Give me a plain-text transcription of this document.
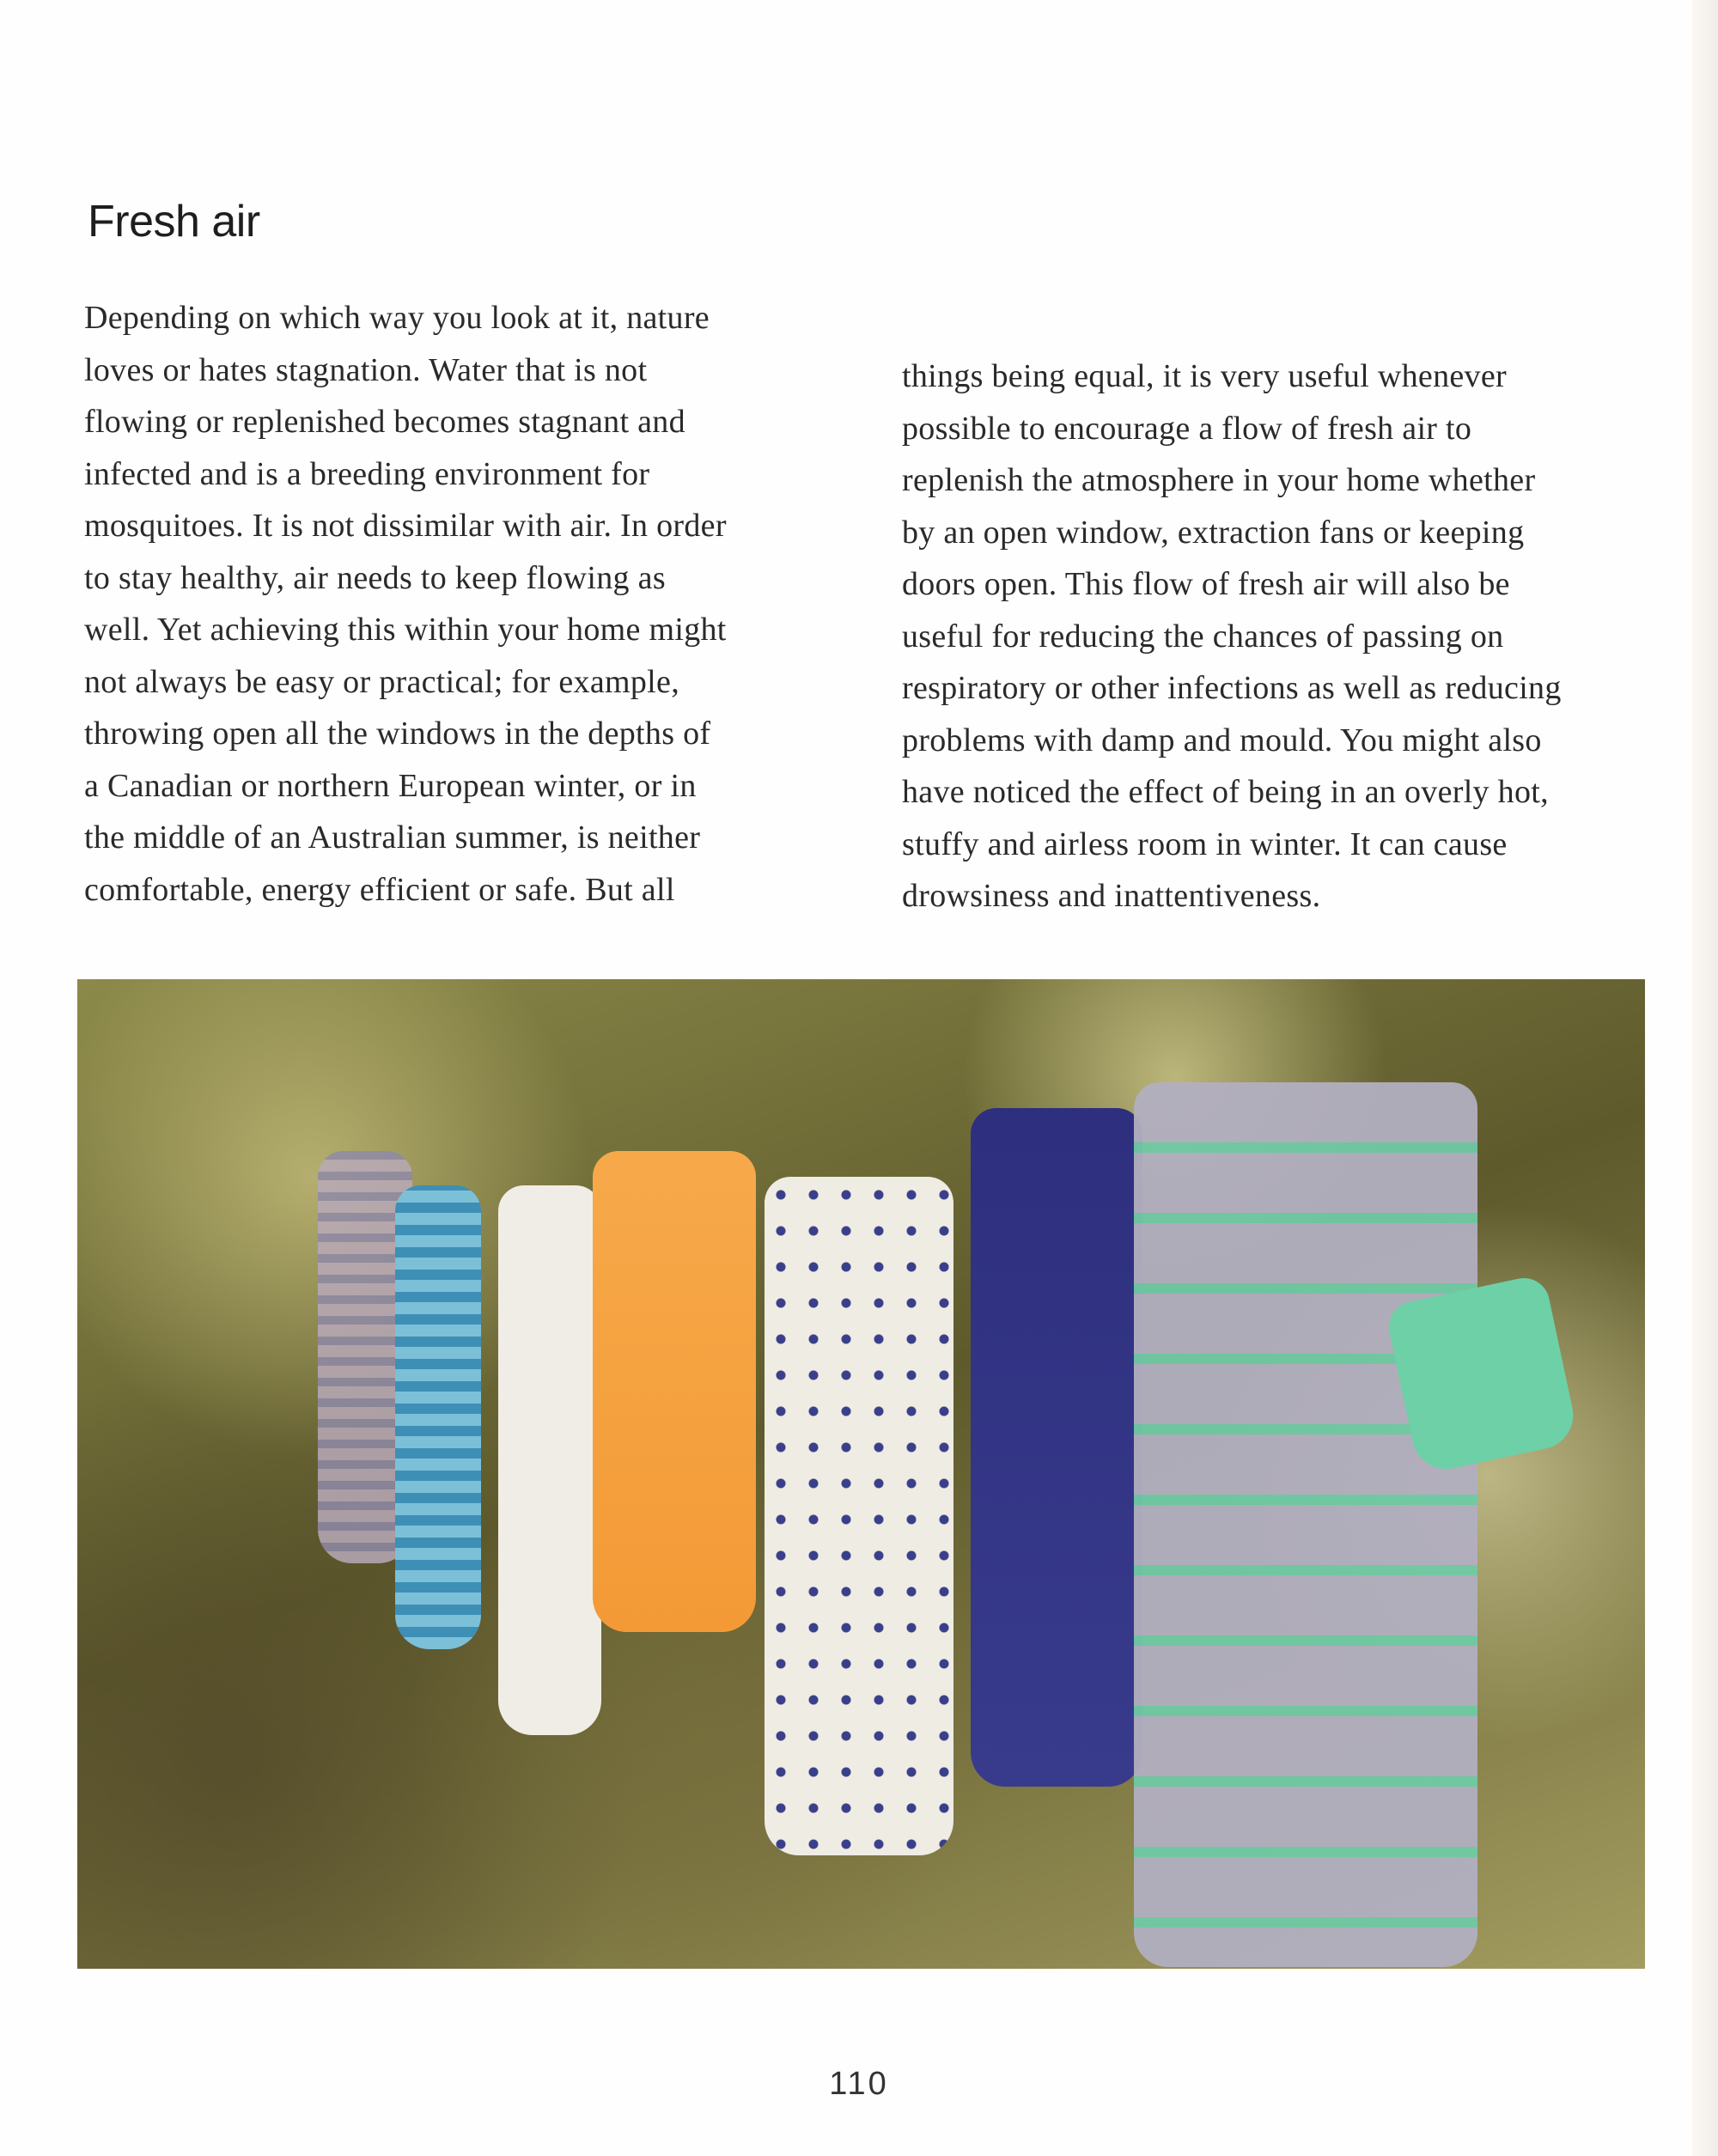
Fresh air
Depending on which way you look at it, nature
loves or hates stagnation. Water that is not
flowing or replenished becomes stagnant and
infected and is a breeding environment for
mosquitoes. It is not dissimilar with air. In order
to stay healthy, air needs to keep flowing as
well. Yet achieving this within your home might
not always be easy or practical; for example,
throwing open all the windows in the depths of
a Canadian or northern European winter, or in
the middle of an Australian summer, is neither
comfortable, energy efficient or safe. But all
things being equal, it is very useful whenever
possible to encourage a flow of fresh air to
replenish the atmosphere in your home whether
by an open window, extraction fans or keeping
doors open. This flow of fresh air will also be
useful for reducing the chances of passing on
respiratory or other infections as well as reducing
problems with damp and mould. You might also
have noticed the effect of being in an overly hot,
stuffy and airless room in winter. It can cause
drowsiness and inattentiveness.
110
